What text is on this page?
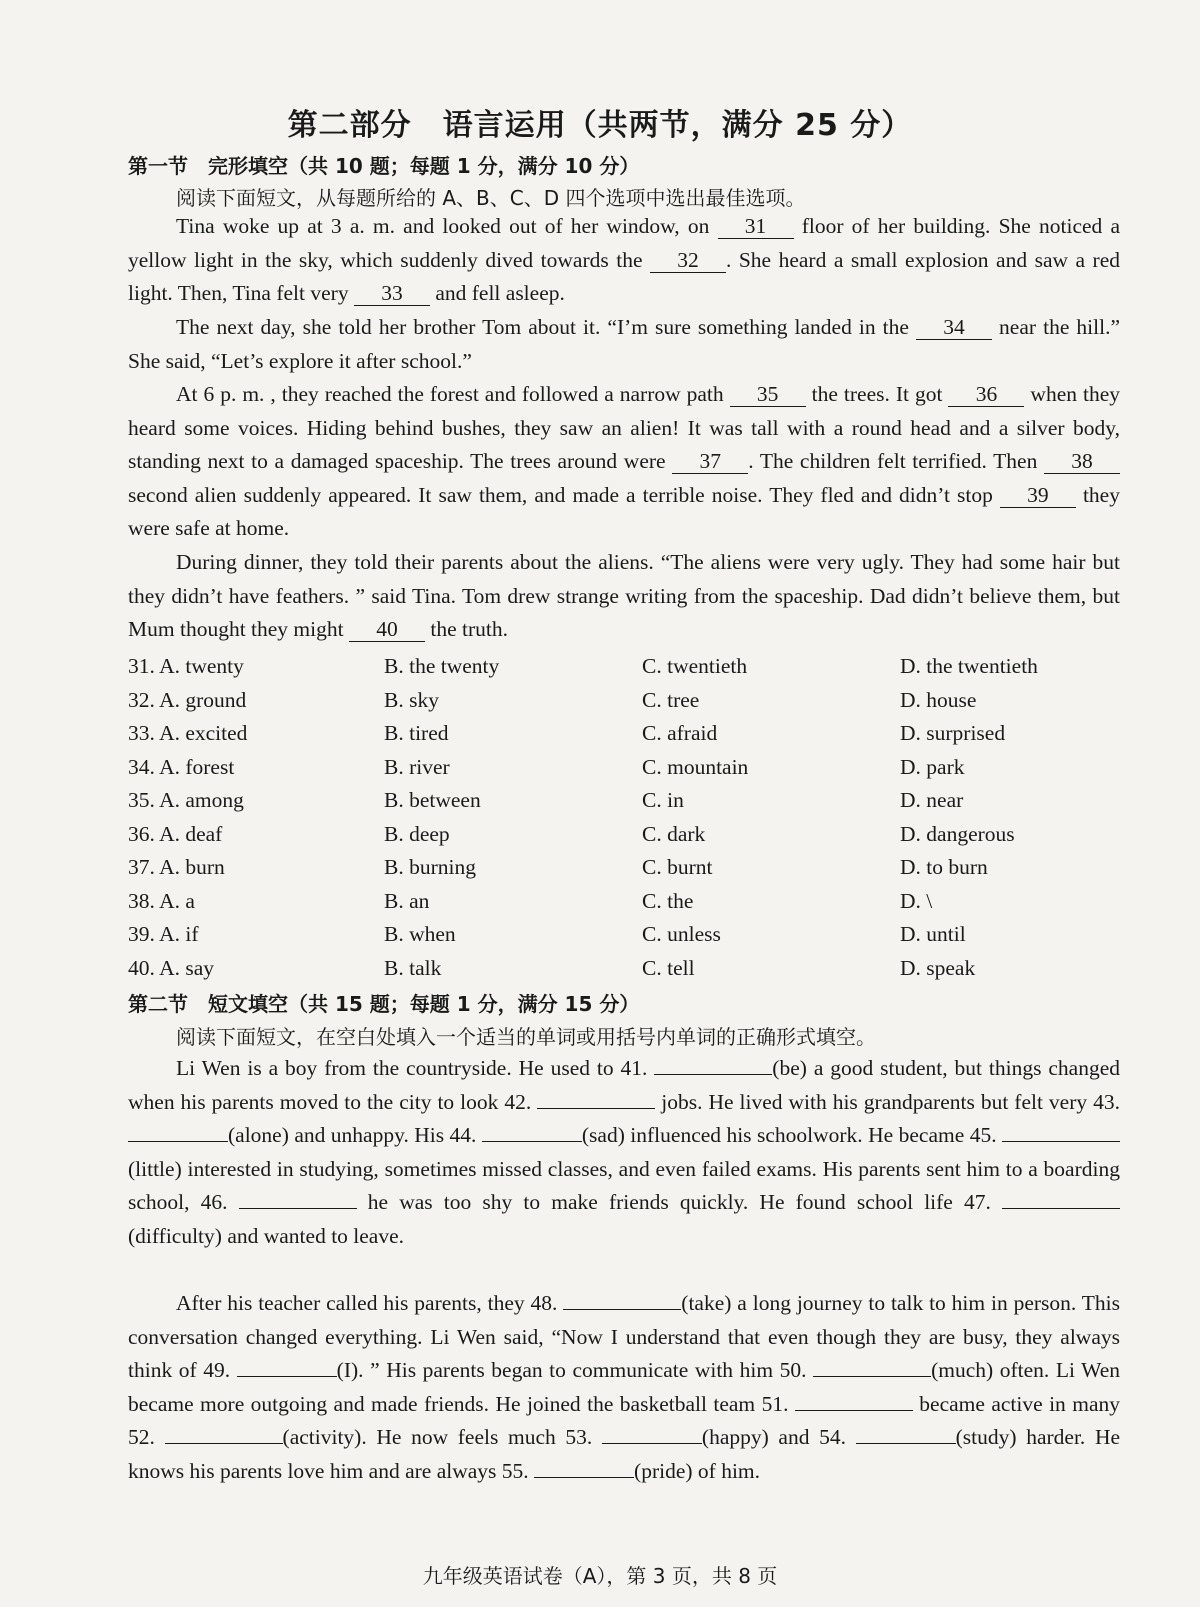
第二部分　语言运用（共两节，满分 25 分）
第一节　完形填空（共 10 题；每题 1 分，满分 10 分）
阅读下面短文，从每题所给的 A、B、C、D 四个选项中选出最佳选项。
Tina woke up at 3 a. m. and looked out of her window, on 31 floor of her building. She noticed a yellow light in the sky, which suddenly dived towards the 32 . She heard a small explosion and saw a red light. Then, Tina felt very 33 and fell asleep.
The next day, she told her brother Tom about it. “I’m sure something landed in the 34 near the hill.” She said, “Let’s explore it after school.”
At 6 p. m. , they reached the forest and followed a narrow path 35 the trees. It got 36 when they heard some voices. Hiding behind bushes, they saw an alien! It was tall with a round head and a silver body, standing next to a damaged spaceship. The trees around were 37 . The children felt terrified. Then 38 second alien suddenly appeared. It saw them, and made a terrible noise. They fled and didn’t stop 39 they were safe at home.
During dinner, they told their parents about the aliens. “The aliens were very ugly. They had some hair but they didn’t have feathers. ” said Tina. Tom drew strange writing from the spaceship. Dad didn’t believe them, but Mum thought they might 40 the truth.
31. A. twenty	B. the twenty	C. twentieth	D. the twentieth
32. A. ground	B. sky	C. tree	D. house
33. A. excited	B. tired	C. afraid	D. surprised
34. A. forest	B. river	C. mountain	D. park
35. A. among	B. between	C. in	D. near
36. A. deaf	B. deep	C. dark	D. dangerous
37. A. burn	B. burning	C. burnt	D. to burn
38. A. a	B. an	C. the	D. \
39. A. if	B. when	C. unless	D. until
40. A. say	B. talk	C. tell	D. speak
第二节　短文填空（共 15 题；每题 1 分，满分 15 分）
阅读下面短文，在空白处填入一个适当的单词或用括号内单词的正确形式填空。
Li Wen is a boy from the countryside. He used to 41.	(be) a good student, but things changed when his parents moved to the city to look 42.	jobs. He lived with his grandparents but felt very 43. (alone) and unhappy. His 44.	(sad) influenced his schoolwork. He became 45. (little) interested in studying, sometimes missed classes, and even failed exams. His parents sent him to a boarding school, 46.	he was too shy to make friends quickly. He found school life 47. (difficulty) and wanted to leave.
After his teacher called his parents, they 48.	(take) a long journey to talk to him in person. This conversation changed everything. Li Wen said, “Now I understand that even though they are busy, they always think of 49.	(I). ” His parents began to communicate with him 50.	(much) often. Li Wen became more outgoing and made friends. He joined the basketball team 51.	became active in many 52.	(activity). He now feels much 53.	(happy) and 54.	(study) harder. He knows his parents love him and are always 55.	(pride) of him.
九年级英语试卷（A），第 3 页，共 8 页
